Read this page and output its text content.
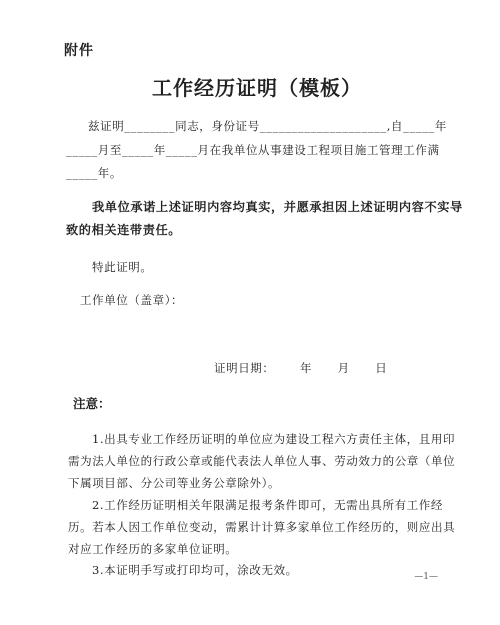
附件
工作经历证明（模板）
兹证明________同志，身份证号____________________,自_____年
_____月至_____年_____月在我单位从事建设工程项目施工管理工作满
_____年。
我单位承诺上述证明内容均真实，并愿承担因上述证明内容不实导
致的相关连带责任。
特此证明。
工作单位（盖章）：
证明日期：      年      月      日
注意：
1.出具专业工作经历证明的单位应为建设工程六方责任主体，且用印
需为法人单位的行政公章或能代表法人单位人事、劳动效力的公章（单位
下属项目部、分公司等业务公章除外）。
2.工作经历证明相关年限满足报考条件即可，无需出具所有工作经
历。若本人因工作单位变动，需累计计算多家单位工作经历的，则应出具
对应工作经历的多家单位证明。
3.本证明手写或打印均可，涂改无效。	—1—
